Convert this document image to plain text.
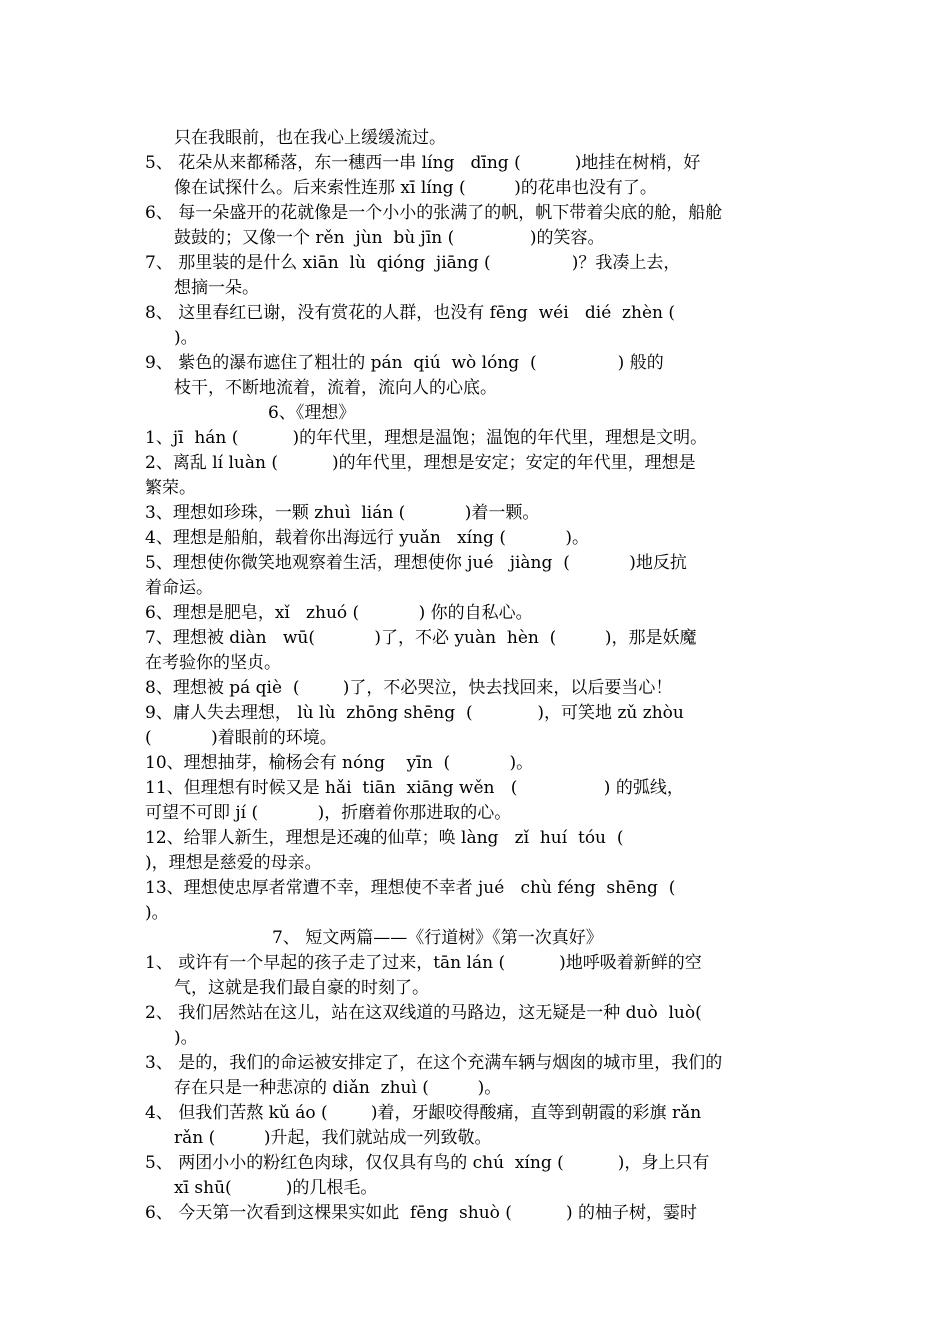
只在我眼前，也在我心上缓缓流过。
5、 花朵从来都稀落，东一穗西一串 líng   dīng (          )地挂在树梢，好
像在试探什么。后来索性连那 xī líng (         )的花串也没有了。
6、 每一朵盛开的花就像是一个小小的张满了的帆，帆下带着尖底的舱，船舱
鼓鼓的；又像一个 rěn  jùn  bù jīn (              )的笑容。
7、 那里装的是什么 xiān  lù  qióng  jiāng (               )？我凑上去，
想摘一朵。
8、 这里春红已谢，没有赏花的人群，也没有 fēng  wéi   dié  zhèn (
)。
9、 紫色的瀑布遮住了粗壮的 pán  qiú  wò lóng  (               ) 般的
枝干，不断地流着，流着，流向人的心底。
6、《理想》
1、jī  hán (          )的年代里，理想是温饱；温饱的年代里，理想是文明。
2、离乱 lí luàn (          )的年代里，理想是安定；安定的年代里，理想是
繁荣。
3、理想如珍珠，一颗 zhuì  lián (           )着一颗。
4、理想是船舶，载着你出海远行 yuǎn   xíng (           )。
5、理想使你微笑地观察着生活，理想使你 jué   jiàng  (           )地反抗
着命运。
6、理想是肥皂，xǐ   zhuó (           ) 你的自私心。
7、理想被 diàn   wū(           )了，不必 yuàn  hèn  (         )，那是妖魔
在考验你的坚贞。
8、理想被 pá qiè  (        )了，不必哭泣，快去找回来，以后要当心！
9、庸人失去理想， lù lù  zhōng shēng  (            )，可笑地 zǔ zhòu
(           )着眼前的环境。
10、理想抽芽，榆杨会有 nóng    yīn  (           )。
11、但理想有时候又是 hǎi  tiān  xiāng wěn   (                ) 的弧线，
可望不可即 jí (           )，折磨着你那进取的心。
12、给罪人新生，理想是还魂的仙草；唤 làng   zǐ  huí  tóu  (
)，理想是慈爱的母亲。
13、理想使忠厚者常遭不幸，理想使不幸者 jué   chù féng  shēng  (
)。
7、 短文两篇——《行道树》《第一次真好》
1、 或许有一个早起的孩子走了过来，tān lán (          )地呼吸着新鲜的空
气，这就是我们最自豪的时刻了。
2、 我们居然站在这儿，站在这双线道的马路边，这无疑是一种 duò  luò(
)。
3、 是的，我们的命运被安排定了，在这个充满车辆与烟囱的城市里，我们的
存在只是一种悲凉的 diǎn  zhuì (         )。
4、 但我们苦熬 kǔ áo (        )着，牙龈咬得酸痛，直等到朝霞的彩旗 rǎn
rǎn (         )升起，我们就站成一列致敬。
5、 两团小小的粉红色肉球，仅仅具有鸟的 chú  xíng (          )，身上只有
xī shū(          )的几根毛。
6、 今天第一次看到这棵果实如此  fēng  shuò (          ) 的柚子树，霎时
